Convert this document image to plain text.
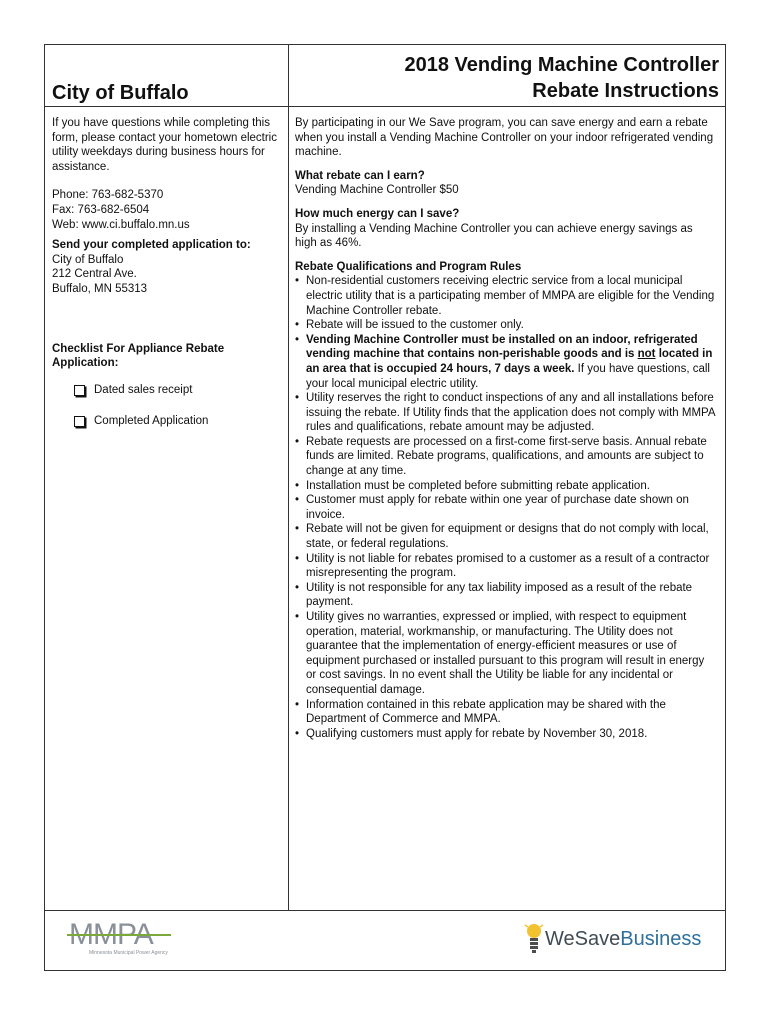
City of Buffalo
2018 Vending Machine Controller
Rebate Instructions

If you have questions while completing this form, please contact your hometown electric utility weekdays during business hours for assistance.

Phone: 763-682-5370

Fax: 763-682-6504

Web: www.ci.buffalo.mn.us

Send your completed application to:

City of Buffalo

212 Central Ave.

Buffalo, MN 55313

Checklist For Appliance Rebate Application:

Dated sales receipt
Completed Application

By participating in our We Save program, you can save energy and earn a rebate when you install a Vending Machine Controller on your indoor refrigerated vending machine.

What rebate can I earn?

Vending Machine Controller $50

How much energy can I save?

By installing a Vending Machine Controller you can achieve energy savings as high as 46%.

Rebate Qualifications and Program Rules

• Non-residential customers receiving electric service from a local municipal electric utility that is a participating member of MMPA are eligible for the Vending Machine Controller rebate.
• Rebate will be issued to the customer only.
• Vending Machine Controller must be installed on an indoor, refrigerated vending machine that contains non-perishable goods and is not located in an area that is occupied 24 hours, 7 days a week. If you have questions, call your local municipal electric utility.
• Utility reserves the right to conduct inspections of any and all installations before issuing the rebate. If Utility finds that the application does not comply with MMPA rules and qualifications, rebate amount may be adjusted.
• Rebate requests are processed on a first-come first-serve basis. Annual rebate funds are limited. Rebate programs, qualifications, and amounts are subject to change at any time.
• Installation must be completed before submitting rebate application.
• Customer must apply for rebate within one year of purchase date shown on invoice.
• Rebate will not be given for equipment or designs that do not comply with local, state, or federal regulations.
• Utility is not liable for rebates promised to a customer as a result of a contractor misrepresenting the program.
• Utility is not responsible for any tax liability imposed as a result of the rebate payment.
• Utility gives no warranties, expressed or implied, with respect to equipment operation, material, workmanship, or manufacturing. The Utility does not guarantee that the implementation of energy-efficient measures or use of equipment purchased or installed pursuant to this program will result in energy or cost savings. In no event shall the Utility be liable for any incidental or consequential damage.
• Information contained in this rebate application may be shared with the Department of Commerce and MMPA.
• Qualifying customers must apply for rebate by November 30, 2018.
MMPA
Minnesota Municipal Power Agency
WeSaveBusiness
